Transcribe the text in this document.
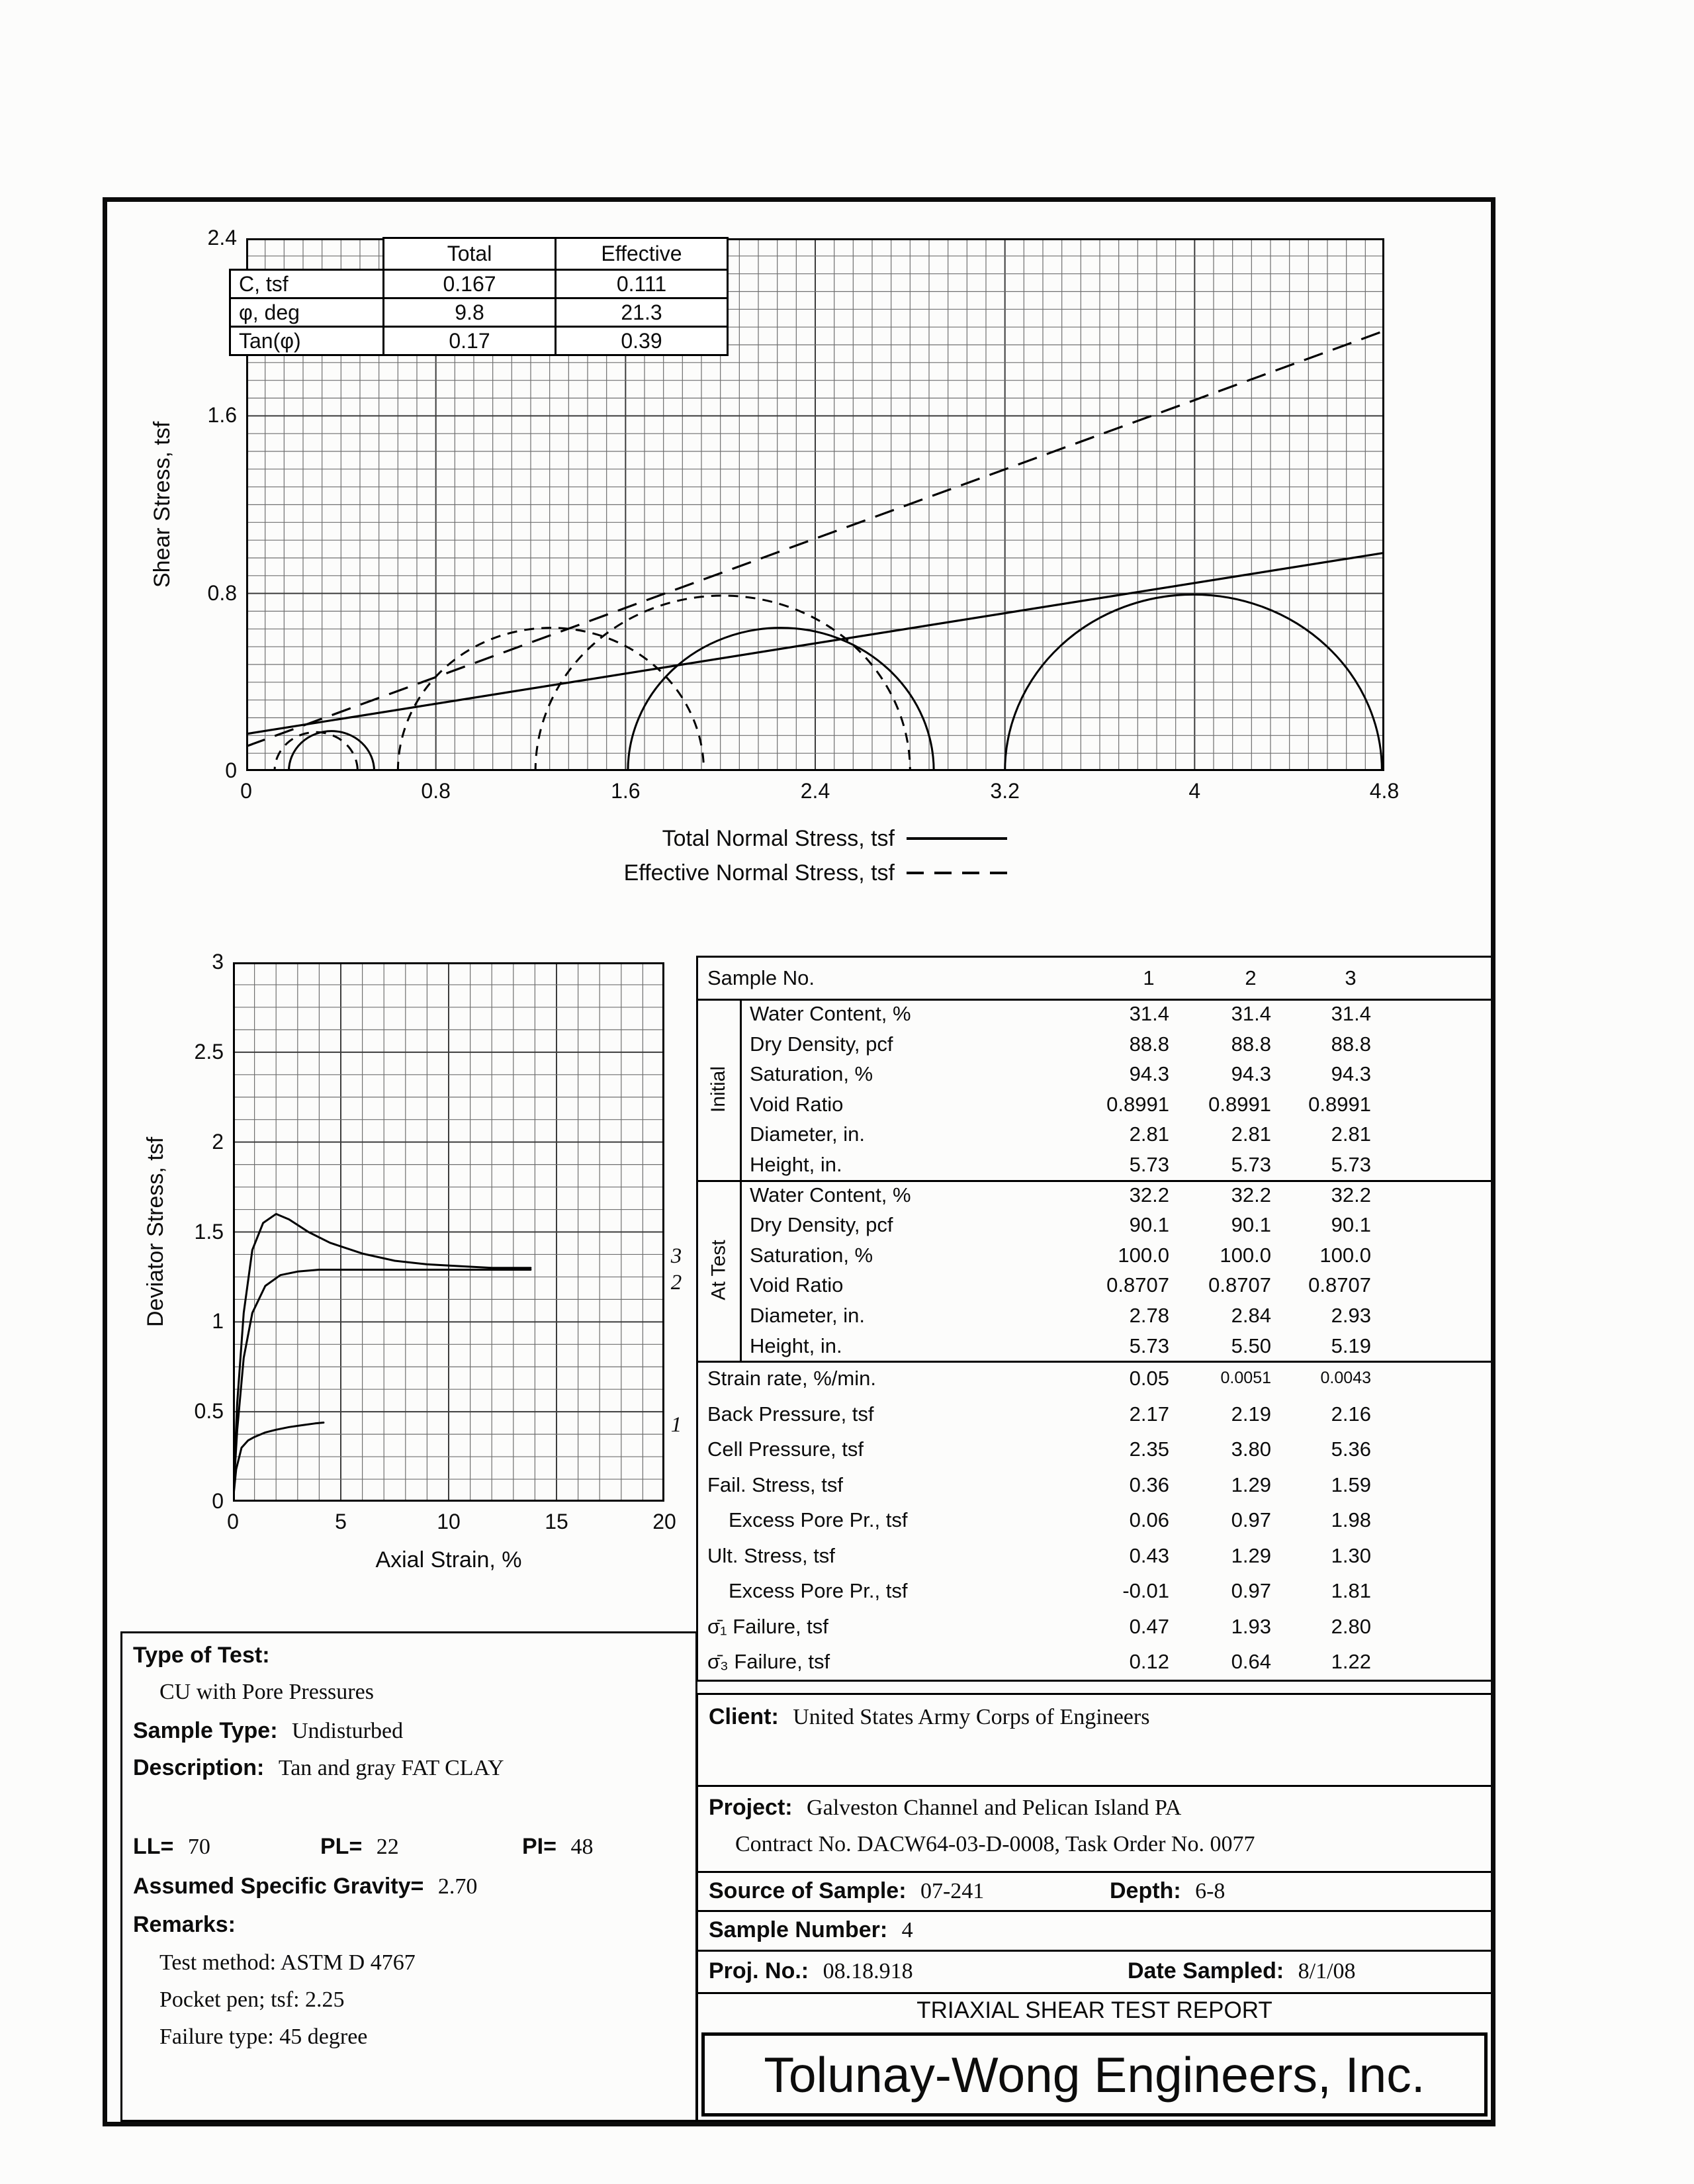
Shear Stress, tsf
	Total	Effective
C, tsf	0.167	0.111
φ, deg	9.8	21.3
Tan(φ)	0.17	0.39
0	0.8	1.6	2.4	3.2	4	4.8
0
0.8
1.6
2.4
Total Normal Stress, tsf
Effective Normal Stress, tsf
Deviator Stress, tsf
Axial Strain, %
0	5	10	15	20
0
0.5
1
1.5
2
2.5
3
3
2
1
Sample No.	1	2	3
Initial
Water Content, %	31.4	31.4	31.4
Dry Density, pcf	88.8	88.8	88.8
Saturation, %	94.3	94.3	94.3
Void Ratio	0.8991	0.8991	0.8991
Diameter, in.	2.81	2.81	2.81
Height, in.	5.73	5.73	5.73
At Test
Water Content, %	32.2	32.2	32.2
Dry Density, pcf	90.1	90.1	90.1
Saturation, %	100.0	100.0	100.0
Void Ratio	0.8707	0.8707	0.8707
Diameter, in.	2.78	2.84	2.93
Height, in.	5.73	5.50	5.19
Strain rate, %/min.	0.05	0.0051	0.0043
Back Pressure, tsf	2.17	2.19	2.16
Cell Pressure, tsf	2.35	3.80	5.36
Fail. Stress, tsf	0.36	1.29	1.59
Excess Pore Pr., tsf	0.06	0.97	1.98
Ult. Stress, tsf	0.43	1.29	1.30
Excess Pore Pr., tsf	-0.01	0.97	1.81
σ̄₁ Failure, tsf	0.47	1.93	2.80
σ̄₃ Failure, tsf	0.12	0.64	1.22
Type of Test:
CU with Pore Pressures
Sample Type: Undisturbed
Description: Tan and gray FAT CLAY
LL= 70	PL= 22	PI= 48
Assumed Specific Gravity= 2.70
Remarks:
Test method: ASTM D 4767
Pocket pen; tsf: 2.25
Failure type: 45 degree
Client: United States Army Corps of Engineers
Project: Galveston Channel and Pelican Island PA
Contract No. DACW64-03-D-0008, Task Order No. 0077
Source of Sample: 07-241	Depth: 6-8
Sample Number: 4
Proj. No.: 08.18.918	Date Sampled: 8/1/08
TRIAXIAL SHEAR TEST REPORT
Tolunay-Wong Engineers, Inc.
